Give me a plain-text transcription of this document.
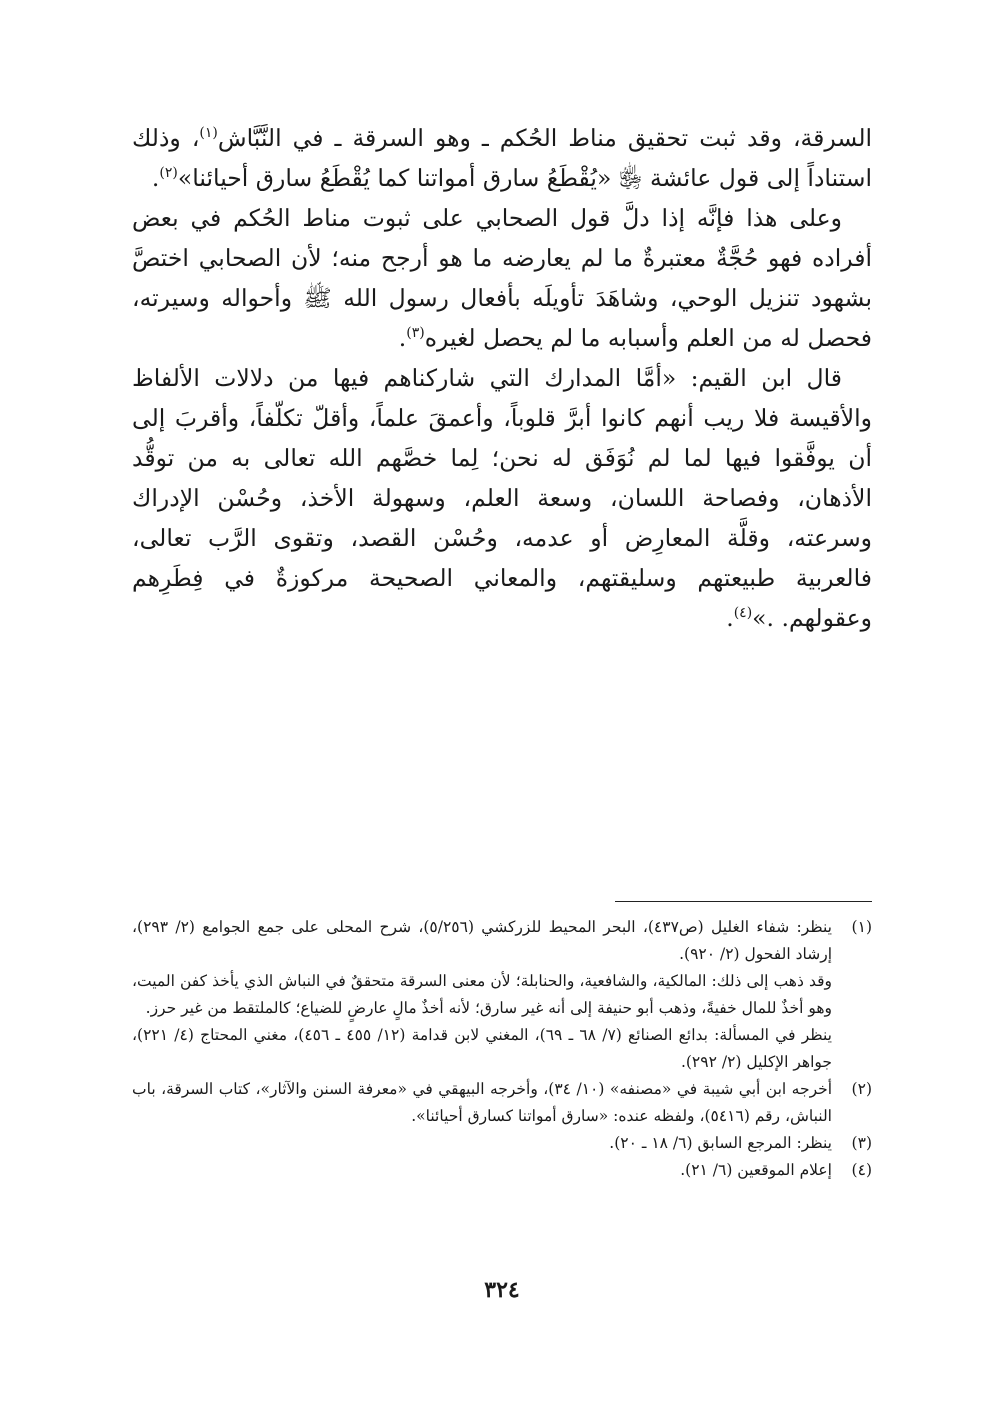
السرقة، وقد ثبت تحقيق مناط الحُكم ـ وهو السرقة ـ في النَّبَّاش$^{(١)}$، وذلك استناداً إلى قول عائشة ﵂ «يُقْطَعُ سارق أمواتنا كما يُقْطَعُ سارق أحيائنا»$^{(٢)}$.

وعلى هذا فإنَّه إذا دلَّ قول الصحابي على ثبوت مناط الحُكم في بعض أفراده فهو حُجَّةٌ معتبرةٌ ما لم يعارضه ما هو أرجح منه؛ لأن الصحابي اختصَّ بشهود تنزيل الوحي، وشاهَدَ تأويلَه بأفعال رسول الله ﷺ وأحواله وسيرته، فحصل له من العلم وأسبابه ما لم يحصل لغيره$^{(٣)}$.

قال ابن القيم: «أمَّا المدارك التي شاركناهم فيها من دلالات الألفاظ والأقيسة فلا ريب أنهم كانوا أبرَّ قلوباً، وأعمقَ علماً، وأقلّ تكلّفاً، وأقربَ إلى أن يوفَّقوا فيها لما لم نُوَفَق له نحن؛ لِما خصَّهم الله تعالى به من توقُّد الأذهان، وفصاحة اللسان، وسعة العلم، وسهولة الأخذ، وحُسْن الإدراك وسرعته، وقلَّة المعارِض أو عدمه، وحُسْن القصد، وتقوى الرَّب تعالى، فالعربية طبيعتهم وسليقتهم، والمعاني الصحيحة مركوزةٌ في فِطَرِهم وعقولهم. .»$^{(٤)}$.

(١)

ينظر: شفاء الغليل (ص٤٣٧)، البحر المحيط للزركشي (٥/٢٥٦)، شرح المحلى على جمع الجوامع (٢/ ٢٩٣)، إرشاد الفحول (٢/ ٩٢٠).

وقد ذهب إلى ذلك: المالكية، والشافعية، والحنابلة؛ لأن معنى السرقة متحققٌ في النباش الذي يأخذ كفن الميت، وهو أخذٌ للمال خفيةً، وذهب أبو حنيفة إلى أنه غير سارق؛ لأنه أخذٌ مالٍ عارضٍ للضياع؛ كالملتقط من غير حرز.

ينظر في المسألة: بدائع الصنائع (٧/ ٦٨ ـ ٦٩)، المغني لابن قدامة (١٢/ ٤٥٥ ـ ٤٥٦)، مغني المحتاج (٤/ ٢٢١)، جواهر الإكليل (٢/ ٢٩٢).

(٢)

أخرجه ابن أبي شيبة في «مصنفه» (١٠/ ٣٤)، وأخرجه البيهقي في «معرفة السنن والآثار»، كتاب السرقة، باب النباش، رقم (٥٤١٦)، ولفظه عنده: «سارق أمواتنا كسارق أحيائنا».

(٣)

ينظر: المرجع السابق (٦/ ١٨ ـ ٢٠).

(٤)

إعلام الموقعين (٦/ ٢١).

٣٢٤
